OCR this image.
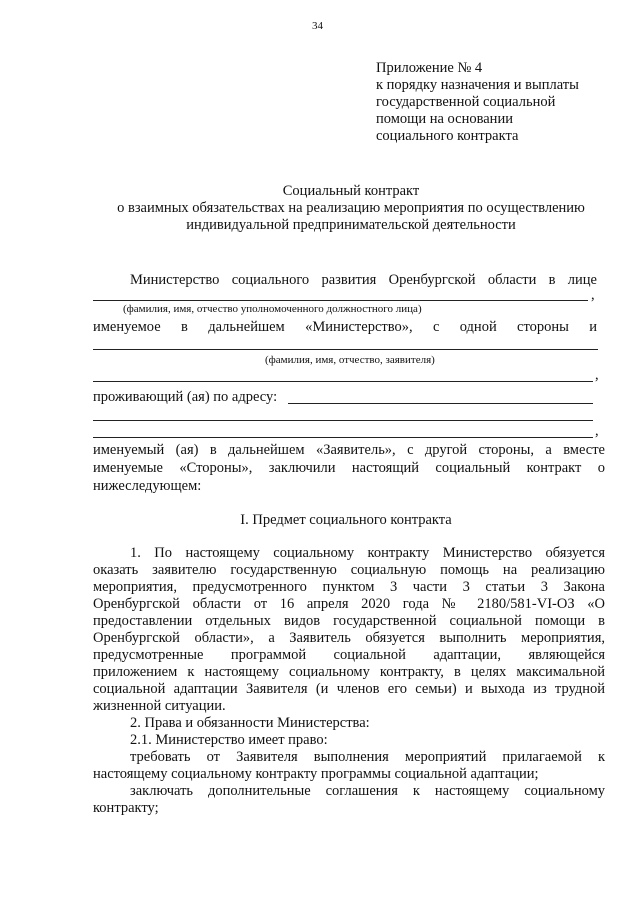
34
Приложение № 4
к порядку назначения и выплаты
государственной социальной
помощи на основании
социального контракта
Социальный контракт
о взаимных обязательствах на реализацию мероприятия по осуществлению
индивидуальной предпринимательской деятельности
Министерство социального развития Оренбургской области в лице
,
(фамилия, имя, отчество уполномоченного должностного лица)
именуемое в дальнейшем «Министерство», с одной стороны и
(фамилия, имя, отчество, заявителя)
,
проживающий (ая) по адресу:
,
именуемый (ая) в дальнейшем «Заявитель», с другой стороны, а вместе
именуемые «Стороны», заключили настоящий социальный контракт о
нижеследующем:
I. Предмет социального контракта
1. По настоящему социальному контракту Министерство обязуется
оказать заявителю государственную социальную помощь на реализацию
мероприятия, предусмотренного пунктом 3 части 3 статьи 3 Закона
Оренбургской области от 16 апреля 2020 года № 2180/581-VI-ОЗ «О
предоставлении отдельных видов государственной социальной помощи в
Оренбургской области», а Заявитель обязуется выполнить мероприятия,
предусмотренные программой социальной адаптации, являющейся
приложением к настоящему социальному контракту, в целях максимальной
социальной адаптации Заявителя (и членов его семьи) и выхода из трудной
жизненной ситуации.
2. Права и обязанности Министерства:
2.1. Министерство имеет право:
требовать от Заявителя выполнения мероприятий прилагаемой к
настоящему социальному контракту программы социальной адаптации;
заключать дополнительные соглашения к настоящему социальному
контракту;
